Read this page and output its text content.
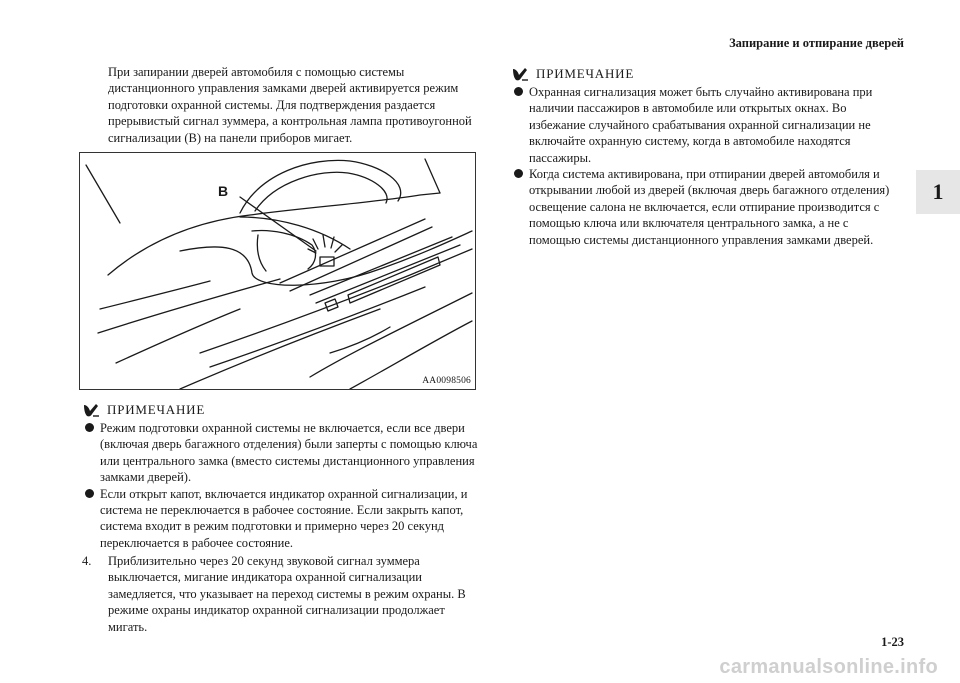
Запирание и отпирание дверей
1

При запирании дверей автомобиля с помощью системы дистанционного управления замками дверей активируется режим подготовки охранной системы. Для подтверждения раздается прерывистый сигнал зуммера, а контрольная лампа противоугонной сигнализации (B) на панели приборов мигает.

B
AA0098506
ПРИМЕЧАНИЕ
Режим подготовки охранной системы не включается, если все двери (включая дверь багажного отделения) были заперты с помощью ключа или центрального замка (вместо системы дистанционного управления замками дверей).
Если открыт капот, включается индикатор охранной сигнализации, и система не переключается в рабочее состояние. Если закрыть капот, система входит в режим подготовки и примерно через 20 секунд переключается в рабочее состояние.
4. Приблизительно через 20 секунд звуковой сигнал зуммера выключается, мигание индикатора охранной сигнализации замедляется, что указывает на переход системы в режим охраны. В режиме охраны индикатор охранной сигнализации продолжает мигать.
ПРИМЕЧАНИЕ
Охранная сигнализация может быть случайно активирована при наличии пассажиров в автомобиле или открытых окнах. Во избежание случайного срабатывания охранной сигнализации не включайте охранную систему, когда в автомобиле находятся пассажиры.
Когда система активирована, при отпирании дверей автомобиля и открывании любой из дверей (включая дверь багажного отделения) освещение салона не включается, если отпирание производится с помощью ключа или включателя центрального замка, а не с помощью системы дистанционного управления замками дверей.
1-23
carmanualsonline.info
